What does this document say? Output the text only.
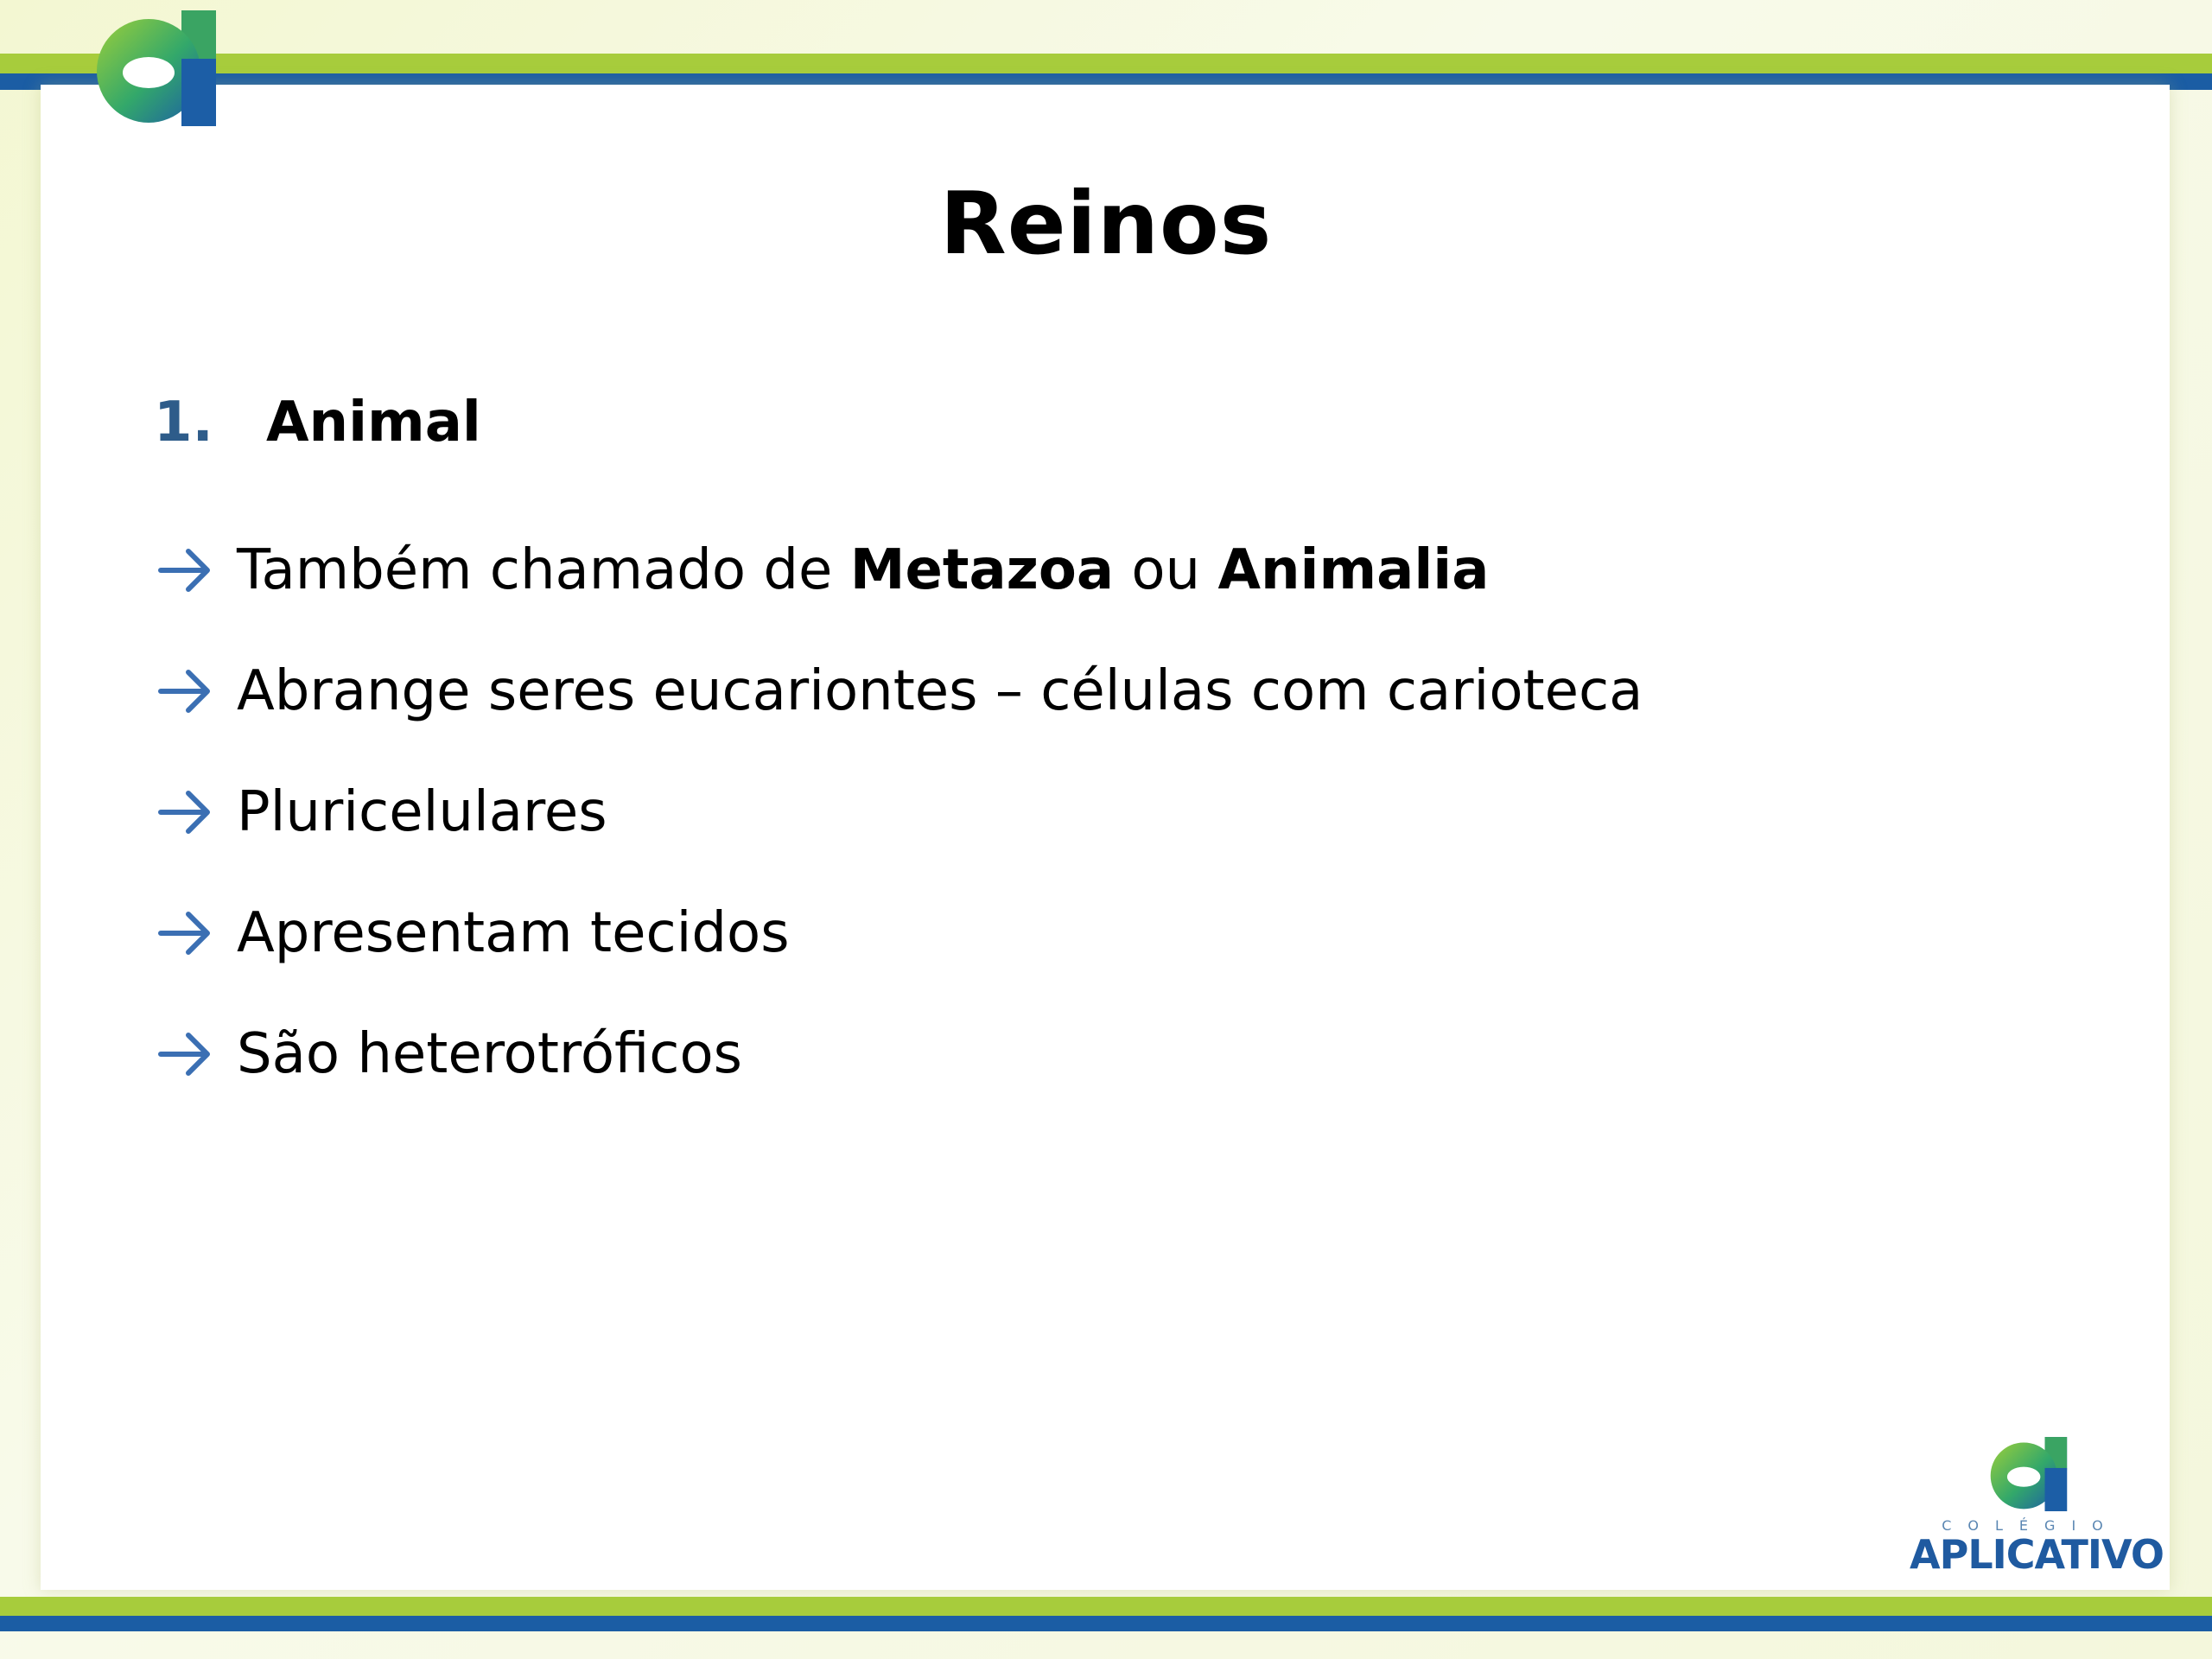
Reinos
1. Animal
Também chamado de Metazoa ou Animalia
Abrange seres eucariontes – células com carioteca
Pluricelulares
Apresentam tecidos
São heterotróficos
COLÉGIO
APLICATIVO
